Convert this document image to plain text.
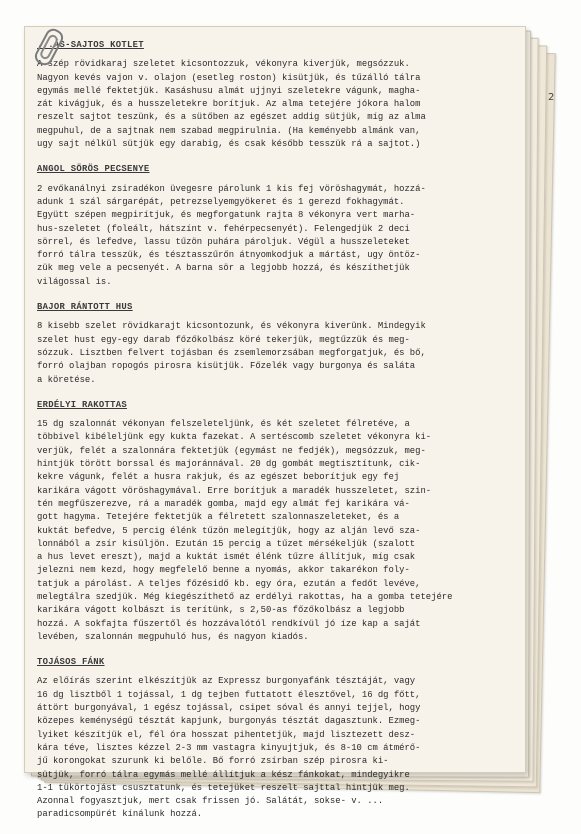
2
...ÁS-SAJTOS KOTLET
A szép rövidkaraj szeletet kicsontozzuk, vékonyra kiverjük, megsózzuk.
Nagyon kevés vajon v. olajon (esetleg roston) kisütjük, és tűzálló tálra
egymás mellé fektetjük. Kasáshusu almát ujjnyi szeletekre vágunk, magha-
zát kivágjuk, és a husszeletekre borítjuk. Az alma tetejére jókora halom
reszelt sajtot teszünk, és a sütőben az egészet addig sütjük, míg az alma
megpuhul, de a sajtnak nem szabad megpirulnia. (Ha keményebb almánk van,
ugy sajt nélkül sütjük egy darabig, és csak később tesszük rá a sajtot.)
ANGOL SÖRÖS PECSENYE
2 evőkanálnyi zsiradékon üvegesre párolunk 1 kis fej vöröshagymát, hozzá-
adunk 1 szál sárgarépát, petrezselyemgyökeret és 1 gerezd fokhagymát.
Együtt szépen megpirítjuk, és megforgatunk rajta 8 vékonyra vert marha-
hus-szeletet (foleált, hátszínt v. fehérpecsenyét). Felengedjük 2 deci
sörrel, és lefedve, lassu tűzön puhára pároljuk. Végül a husszeleteket
forró tálra tesszük, és tésztasszűrőn átnyomkodjuk a mártást, ugy öntöz-
zük meg vele a pecsenyét. A barna sör a legjobb hozzá, és készíthetjük
világossal is.
BAJOR RÁNTOTT HUS
8 kisebb szelet rövidkarajt kicsontozunk, és vékonyra kiverünk. Mindegyik
szelet hust egy-egy darab főzőkolbász köré tekerjük, megtűzzük és meg-
sózzuk. Lisztben felvert tojásban és zsemlemorzsában megforgatjuk, és bő,
forró olajban ropogós pirosra kisütjük. Főzelék vagy burgonya és saláta
a köretése.
ERDÉLYI RAKOTTAS
15 dg szalonnát vékonyan felszeleteljünk, és két szeletet félretéve, a
többivel kibéleljünk egy kukta fazekat. A sertéscomb szeletet vékonyra ki-
verjük, felét a szalonnára fektetjük (egymást ne fedjék), megsózzuk, meg-
hintjük törött borssal és majoránnával. 20 dg gombát megtisztítunk, cik-
kekre vágunk, felét a husra rakjuk, és az egészet beborítjuk egy fej
karikára vágott vöröshagymával. Erre borítjuk a maradék husszeletet, szin-
tén megfűszerezve, rá a maradék gomba, majd egy almát fej karikára vá-
gott hagyma. Tetejére fektetjük a félretett szalonnaszeleteket, és a
kuktát befedve, 5 percig élénk tűzön melegítjük, hogy az alján levő sza-
lonnából a zsír kisüljön. Ezután 15 percig a tűzet mérsékeljük (szalott
a hus levet ereszt), majd a kuktát ismét élénk tűzre állítjuk, míg csak
jelezni nem kezd, hogy megfelelő benne a nyomás, akkor takarékon foly-
tatjuk a párolást. A teljes főzésidő kb. egy óra, ezután a fedőt levéve,
melegtálra szedjük. Még kiegészíthető az erdélyi rakottas, ha a gomba tetejére
karikára vágott kolbászt is terítünk, s 2,50-as főzőkolbász a legjobb
hozzá. A sokfajta fűszertől és hozzávalótól rendkívül jó íze kap a saját
levében, szalonnán megpuhuló hus, és nagyon kiadós.
TOJÁSOS FÁNK
Az előírás szerint elkészítjük az Expressz burgonyafánk tésztáját, vagy
16 dg lisztből 1 tojással, 1 dg tejben futtatott élesztővel, 16 dg főtt,
áttört burgonyával, 1 egész tojással, csipet sóval és annyi tejjel, hogy
közepes keménységű tésztát kapjunk, burgonyás tésztát dagasztunk. Ezmeg-
lyiket készítjük el, fél óra hosszat pihentetjük, majd lisztezett desz-
kára téve, lisztes kézzel 2-3 mm vastagra kinyujtjuk, és 8-10 cm átmérő-
jű korongokat szurunk ki belőle. Bő forró zsírban szép pirosra ki-
sütjük, forró tálra egymás mellé állítjuk a kész fánkokat, mindegyikre
1-1 tükörtojást csusztatunk, és tetejüket reszelt sajttal hintjük meg.
Azonnal fogyasztjuk, mert csak frissen jó. Salátát, sokse- v. ...
paradicsompürét kínálunk hozzá.
